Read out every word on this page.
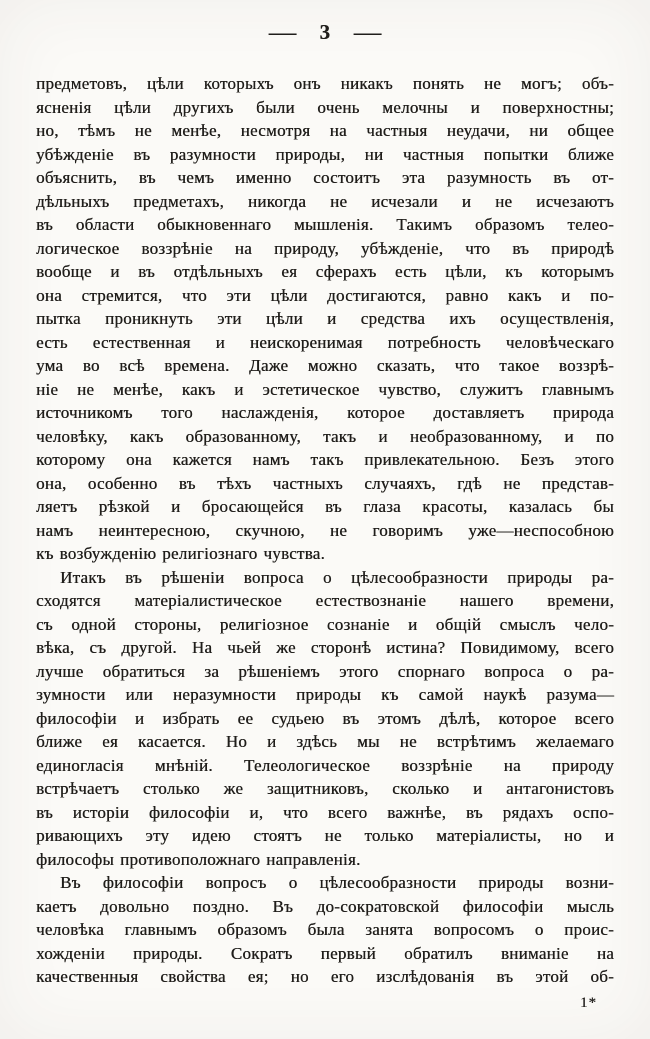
— 3 —
предметовъ, цѣли которыхъ онъ никакъ понять не могъ; объ-
ясненія цѣли другихъ были очень мелочны и поверхностны;
но, тѣмъ не менѣе, несмотря на частныя неудачи, ни общее
убѣжденіе въ разумности природы, ни частныя попытки ближе
объяснить, въ чемъ именно состоитъ эта разумность въ от-
дѣльныхъ предметахъ, никогда не исчезали и не исчезаютъ
въ области обыкновеннаго мышленія. Такимъ образомъ телео-
логическое воззрѣніе на природу, убѣжденіе, что въ природѣ
вообще и въ отдѣльныхъ ея сферахъ есть цѣли, къ которымъ
она стремится, что эти цѣли достигаются, равно какъ и по-
пытка проникнуть эти цѣли и средства ихъ осуществленія,
есть естественная и неискоренимая потребность человѣческаго
ума во всѣ времена. Даже можно сказать, что такое воззрѣ-
ніе не менѣе, какъ и эстетическое чувство, служитъ главнымъ
источникомъ того наслажденія, которое доставляетъ природа
человѣку, какъ образованному, такъ и необразованному, и по
которому она кажется намъ такъ привлекательною. Безъ этого
она, особенно въ тѣхъ частныхъ случаяхъ, гдѣ не представ-
ляетъ рѣзкой и бросающейся въ глаза красоты, казалась бы
намъ неинтересною, скучною, не говоримъ уже—неспособною
къ возбужденію религіознаго чувства.
Итакъ въ рѣшеніи вопроса о цѣлесообразности природы ра-
сходятся матеріалистическое естествознаніе нашего времени,
съ одной стороны, религіозное сознаніе и общій смыслъ чело-
вѣка, съ другой. На чьей же сторонѣ истина? Повидимому, всего
лучше обратиться за рѣшеніемъ этого спорнаго вопроса о ра-
зумности или неразумности природы къ самой наукѣ разума—
философіи и избрать ее судьею въ этомъ дѣлѣ, которое всего
ближе ея касается. Но и здѣсь мы не встрѣтимъ желаемаго
единогласія мнѣній. Телеологическое воззрѣніе на природу
встрѣчаетъ столько же защитниковъ, сколько и антагонистовъ
въ исторіи философіи и, что всего важнѣе, въ рядахъ оспо-
ривающихъ эту идею стоятъ не только матеріалисты, но и
философы противоположнаго направленія.
Въ философіи вопросъ о цѣлесообразности природы возни-
каетъ довольно поздно. Въ до-сократовской философіи мысль
человѣка главнымъ образомъ была занята вопросомъ о проис-
хожденіи природы. Сократъ первый обратилъ вниманіе на
качественныя свойства ея; но его изслѣдованія въ этой об-
1*
